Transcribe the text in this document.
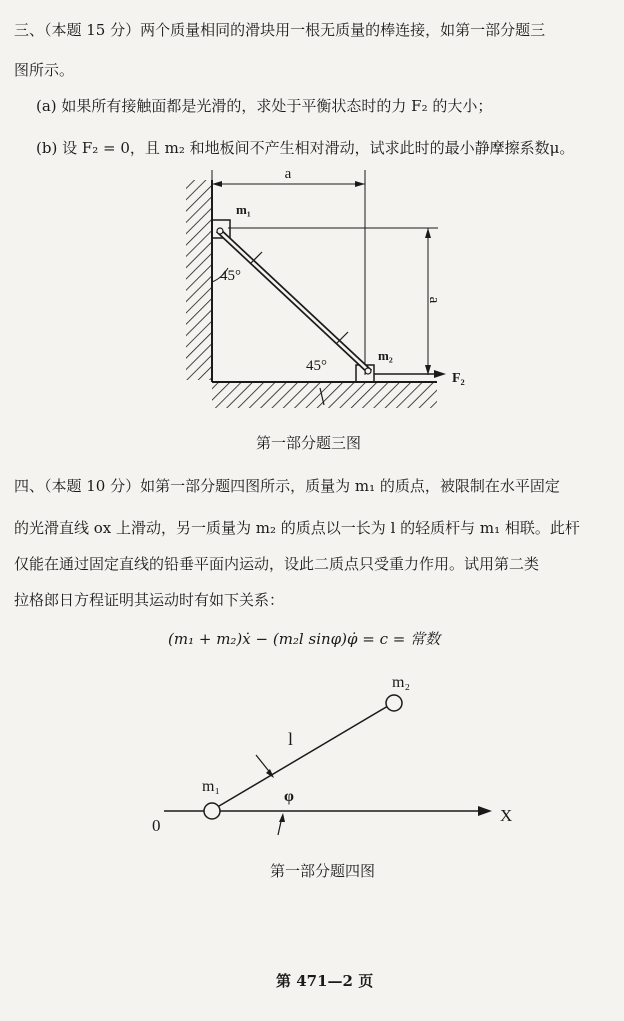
三、（本题 15 分）两个质量相同的滑块用一根无质量的棒连接，如第一部分题三
图所示。
(a) 如果所有接触面都是光滑的，求处于平衡状态时的力 F₂ 的大小；
(b) 设 F₂ = 0，且 m₂ 和地板间不产生相对滑动，试求此时的最小静摩擦系数μ。
a
a
m₁
m₂
45°
45°
F₂
第一部分题三图
四、（本题 10 分）如第一部分题四图所示，质量为 m₁ 的质点，被限制在水平固定
的光滑直线 ox 上滑动，另一质量为 m₂ 的质点以一长为 l 的轻质杆与 m₁ 相联。此杆
仅能在通过固定直线的铅垂平面内运动，设此二质点只受重力作用。试用第二类
拉格郎日方程证明其运动时有如下关系：
(m₁ + m₂)ẋ − (m₂l sinφ)φ̇ = c = 常数
0
X
m₁
m₂
l
φ
第一部分题四图
第 471—2 页
